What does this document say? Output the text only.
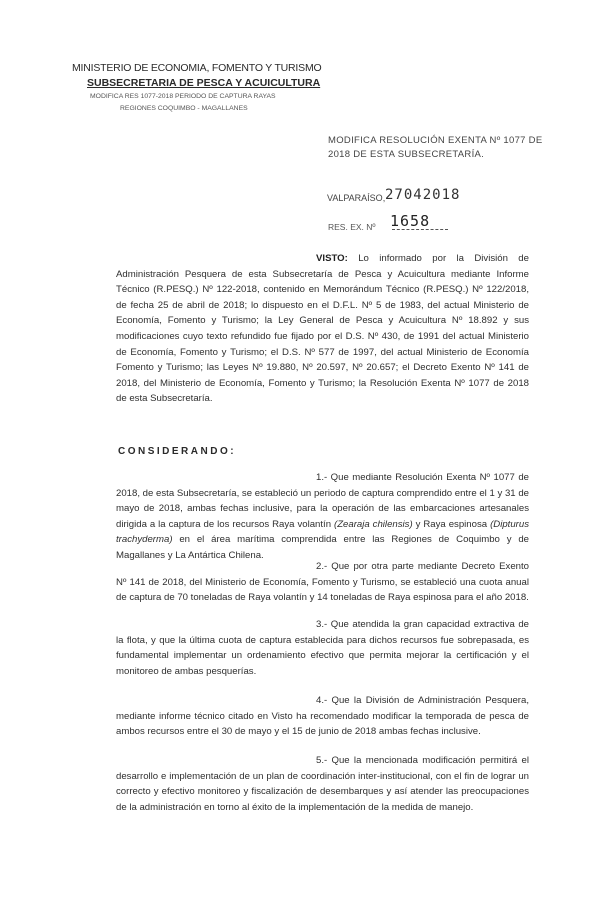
MINISTERIO DE ECONOMIA, FOMENTO Y TURISMO
SUBSECRETARIA DE PESCA Y ACUICULTURA
MODIFICA RES 1077-2018 PERIODO DE CAPTURA RAYAS
REGIONES COQUIMBO - MAGALLANES
MODIFICA RESOLUCIÓN EXENTA Nº 1077 DE
2018 DE ESTA SUBSECRETARÍA.
VALPARAÍSO, 27042018
RES. EX. Nº 1658
VISTO: Lo informado por la División de Administración Pesquera de esta Subsecretaría de Pesca y Acuicultura mediante Informe Técnico (R.PESQ.) Nº 122-2018, contenido en Memorándum Técnico (R.PESQ.) Nº 122/2018, de fecha 25 de abril de 2018; lo dispuesto en el D.F.L. Nº 5 de 1983, del actual Ministerio de Economía, Fomento y Turismo; la Ley General de Pesca y Acuicultura Nº 18.892 y sus modificaciones cuyo texto refundido fue fijado por el D.S. Nº 430, de 1991 del actual Ministerio de Economía, Fomento y Turismo; el D.S. Nº 577 de 1997, del actual Ministerio de Economía Fomento y Turismo; las Leyes Nº 19.880, Nº 20.597, Nº 20.657; el Decreto Exento Nº 141 de 2018, del Ministerio de Economía, Fomento y Turismo; la Resolución Exenta Nº 1077 de 2018 de esta Subsecretaría.
CONSIDERANDO:
1.- Que mediante Resolución Exenta Nº 1077 de 2018, de esta Subsecretaría, se estableció un periodo de captura comprendido entre el 1 y 31 de mayo de 2018, ambas fechas inclusive, para la operación de las embarcaciones artesanales dirigida a la captura de los recursos Raya volantín (Zearaja chilensis) y Raya espinosa (Dipturus trachyderma) en el área marítima comprendida entre las Regiones de Coquimbo y de Magallanes y La Antártica Chilena.
2.- Que por otra parte mediante Decreto Exento Nº 141 de 2018, del Ministerio de Economía, Fomento y Turismo, se estableció una cuota anual de captura de 70 toneladas de Raya volantín y 14 toneladas de Raya espinosa para el año 2018.
3.- Que atendida la gran capacidad extractiva de la flota, y que la última cuota de captura establecida para dichos recursos fue sobrepasada, es fundamental implementar un ordenamiento efectivo que permita mejorar la certificación y el monitoreo de ambas pesquerías.
4.- Que la División de Administración Pesquera, mediante informe técnico citado en Visto ha recomendado modificar la temporada de pesca de ambos recursos entre el 30 de mayo y el 15 de junio de 2018 ambas fechas inclusive.
5.- Que la mencionada modificación permitirá el desarrollo e implementación de un plan de coordinación inter-institucional, con el fin de lograr un correcto y efectivo monitoreo y fiscalización de desembarques y así atender las preocupaciones de la administración en torno al éxito de la implementación de la medida de manejo.
